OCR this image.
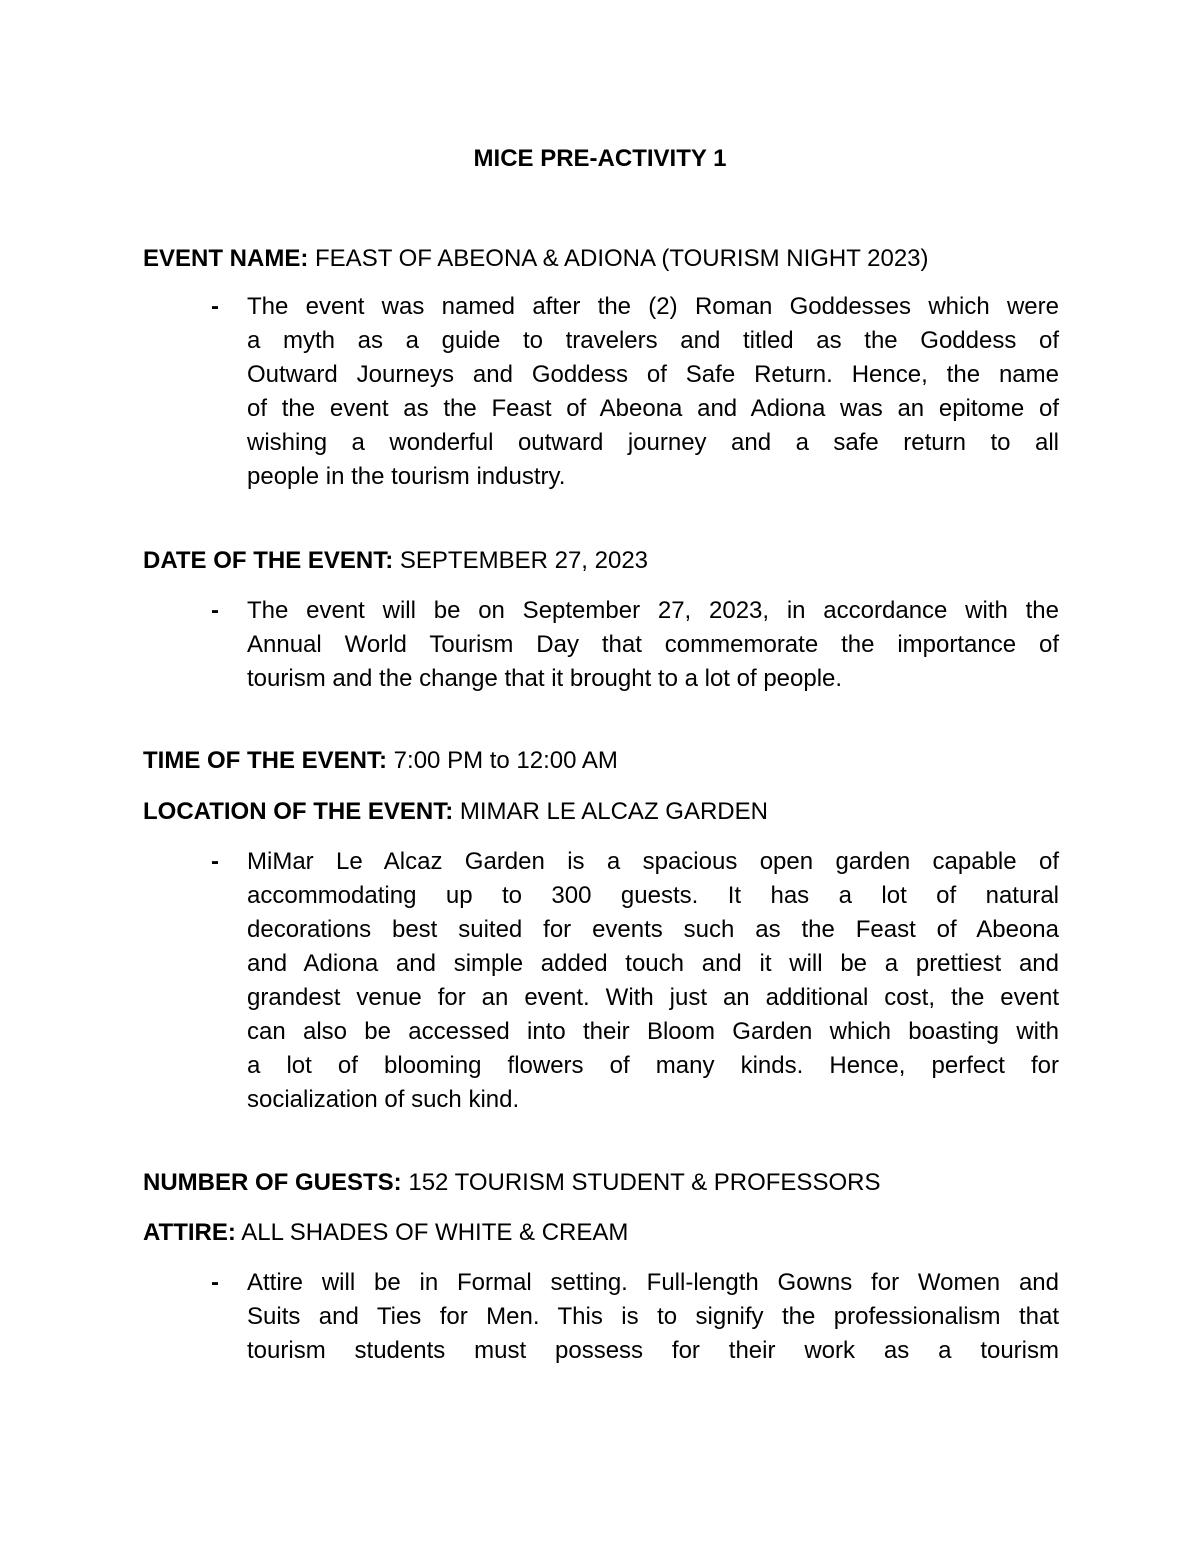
MICE PRE-ACTIVITY 1
EVENT NAME: FEAST OF ABEONA & ADIONA (TOURISM NIGHT 2023)
- The event was named after the (2) Roman Goddesses which were
a myth as a guide to travelers and titled as the Goddess of
Outward Journeys and Goddess of Safe Return. Hence, the name
of the event as the Feast of Abeona and Adiona was an epitome of
wishing a wonderful outward journey and a safe return to all
people in the tourism industry.
DATE OF THE EVENT: SEPTEMBER 27, 2023
- The event will be on September 27, 2023, in accordance with the
Annual World Tourism Day that commemorate the importance of
tourism and the change that it brought to a lot of people.
TIME OF THE EVENT: 7:00 PM to 12:00 AM
LOCATION OF THE EVENT: MIMAR LE ALCAZ GARDEN
- MiMar Le Alcaz Garden is a spacious open garden capable of
accommodating up to 300 guests. It has a lot of natural
decorations best suited for events such as the Feast of Abeona
and Adiona and simple added touch and it will be a prettiest and
grandest venue for an event. With just an additional cost, the event
can also be accessed into their Bloom Garden which boasting with
a lot of blooming flowers of many kinds. Hence, perfect for
socialization of such kind.
NUMBER OF GUESTS: 152 TOURISM STUDENT & PROFESSORS
ATTIRE: ALL SHADES OF WHITE & CREAM
- Attire will be in Formal setting. Full-length Gowns for Women and
Suits and Ties for Men. This is to signify the professionalism that
tourism students must possess for their work as a tourism
